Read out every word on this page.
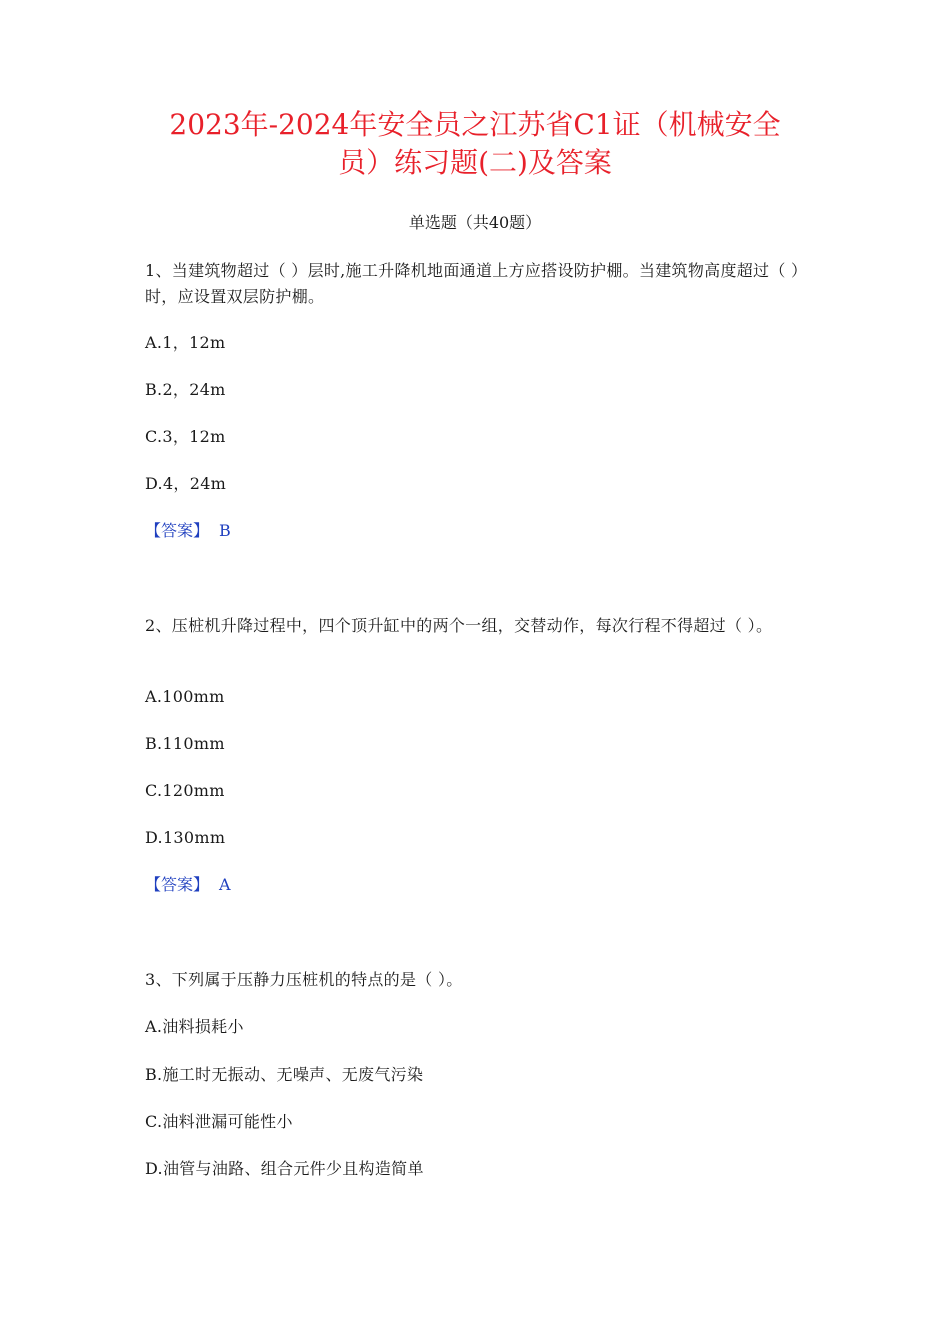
2023年-2024年安全员之江苏省C1证（机械安全
员）练习题(二)及答案
单选题（共40题）
1、当建筑物超过（ ）层时,施工升降机地面通道上方应搭设防护棚。当建筑物高度超过（ ）时，应设置双层防护棚。
A.1，12m
B.2，24m
C.3，12m
D.4，24m
【答案】 B
2、压桩机升降过程中，四个顶升缸中的两个一组，交替动作，每次行程不得超过（ ）。
A.100mm
B.110mm
C.120mm
D.130mm
【答案】 A
3、下列属于压静力压桩机的特点的是（ ）。
A.油料损耗小
B.施工时无振动、无噪声、无废气污染
C.油料泄漏可能性小
D.油管与油路、组合元件少且构造简单
